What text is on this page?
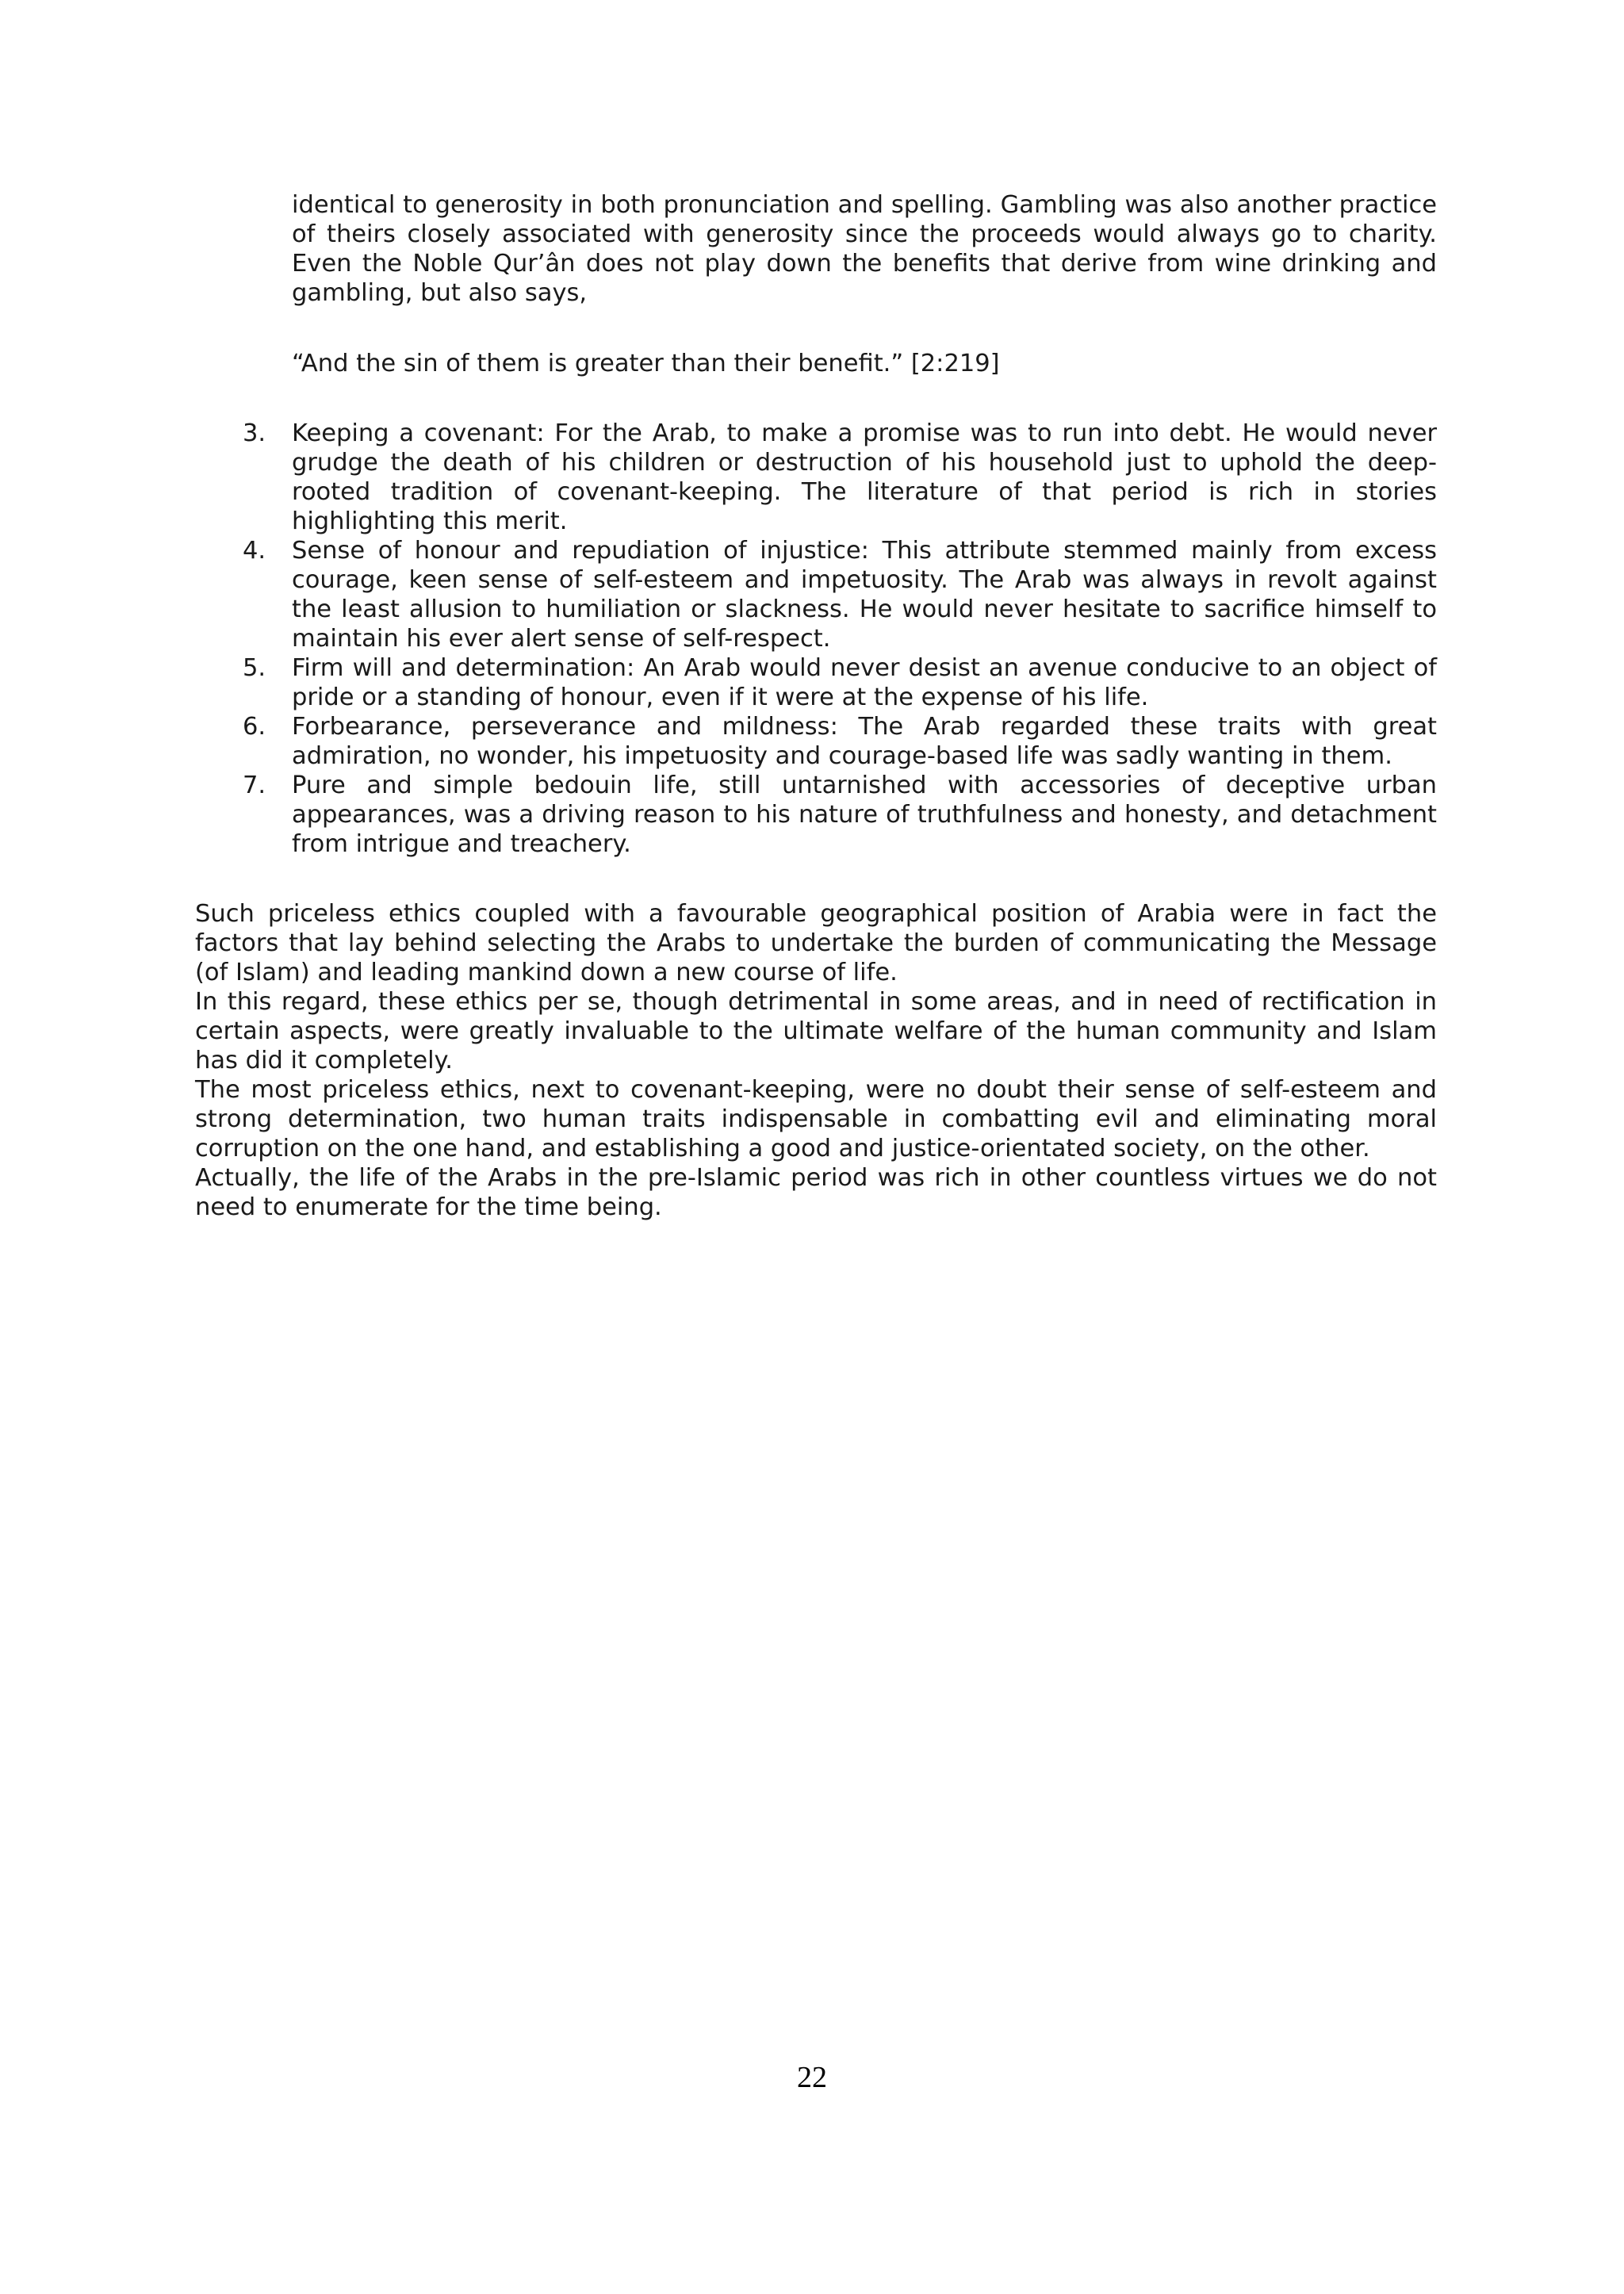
identical to generosity in both pronunciation and spelling. Gambling was also another practice of theirs closely associated with generosity since the proceeds would always go to charity. Even the Noble Qur’ân does not play down the benefits that derive from wine drinking and gambling, but also says,
“And the sin of them is greater than their benefit.” [2:219]
3. Keeping a covenant: For the Arab, to make a promise was to run into debt. He would never grudge the death of his children or destruction of his household just to uphold the deep-rooted tradition of covenant-keeping. The literature of that period is rich in stories highlighting this merit.
4. Sense of honour and repudiation of injustice: This attribute stemmed mainly from excess courage, keen sense of self-esteem and impetuosity. The Arab was always in revolt against the least allusion to humiliation or slackness. He would never hesitate to sacrifice himself to maintain his ever alert sense of self-respect.
5. Firm will and determination: An Arab would never desist an avenue conducive to an object of pride or a standing of honour, even if it were at the expense of his life.
6. Forbearance, perseverance and mildness: The Arab regarded these traits with great admiration, no wonder, his impetuosity and courage-based life was sadly wanting in them.
7. Pure and simple bedouin life, still untarnished with accessories of deceptive urban appearances, was a driving reason to his nature of truthfulness and honesty, and detachment from intrigue and treachery.

Such priceless ethics coupled with a favourable geographical position of Arabia were in fact the factors that lay behind selecting the Arabs to undertake the burden of communicating the Message (of Islam) and leading mankind down a new course of life.

In this regard, these ethics per se, though detrimental in some areas, and in need of rectification in certain aspects, were greatly invaluable to the ultimate welfare of the human community and Islam has did it completely.

The most priceless ethics, next to covenant-keeping, were no doubt their sense of self-esteem and strong determination, two human traits indispensable in combatting evil and eliminating moral corruption on the one hand, and establishing a good and justice-orientated society, on the other.

Actually, the life of the Arabs in the pre-Islamic period was rich in other countless virtues we do not need to enumerate for the time being.

22
